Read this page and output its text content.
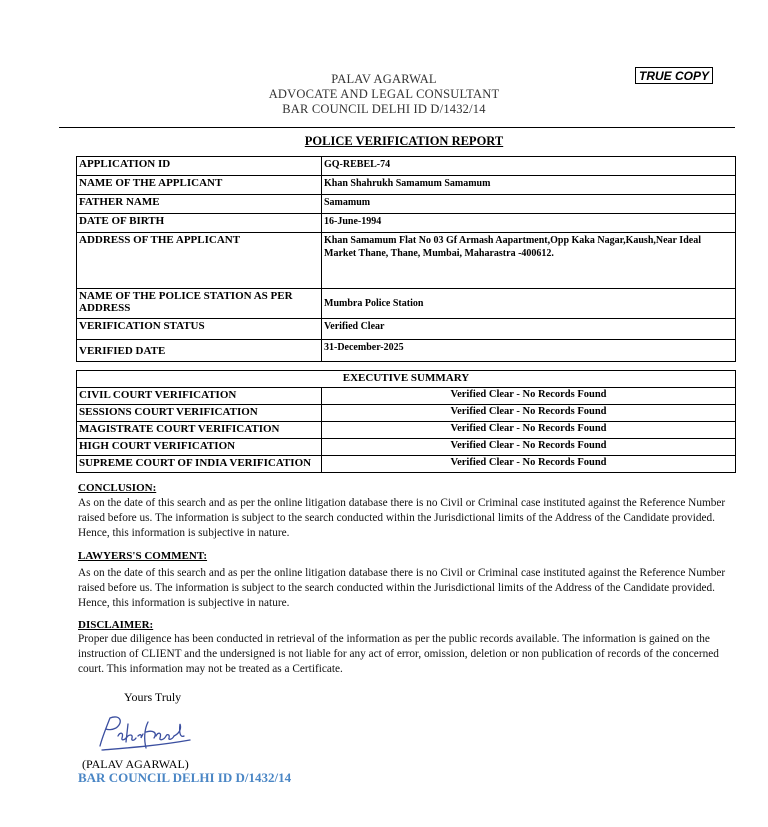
PALAV AGARWAL
ADVOCATE AND LEGAL CONSULTANT
BAR COUNCIL DELHI ID D/1432/14
TRUE COPY
POLICE VERIFICATION REPORT
APPLICATION ID	GQ-REBEL-74
NAME OF THE APPLICANT	Khan Shahrukh Samamum Samamum
FATHER NAME	Samamum
DATE OF BIRTH	16-June-1994
ADDRESS OF THE APPLICANT	Khan Samamum Flat No 03 Gf Armash Aapartment,Opp Kaka Nagar,Kaush,Near Ideal Market Thane, Thane, Mumbai, Maharastra -400612.
NAME OF THE POLICE STATION AS PER ADDRESS	Mumbra Police Station
VERIFICATION STATUS	Verified Clear
VERIFIED DATE	31-December-2025
EXECUTIVE SUMMARY	
CIVIL COURT VERIFICATION	Verified Clear - No Records Found
SESSIONS COURT VERIFICATION	Verified Clear - No Records Found
MAGISTRATE COURT VERIFICATION	Verified Clear - No Records Found
HIGH COURT VERIFICATION	Verified Clear - No Records Found
SUPREME COURT OF INDIA VERIFICATION	Verified Clear - No Records Found
CONCLUSION:
As on the date of this search and as per the online litigation database there is no Civil or Criminal case instituted against the Reference Number raised before us. The information is subject to the search conducted within the Jurisdictional limits of the Address of the Candidate provided. Hence, this information is subjective in nature.
LAWYERS'S COMMENT:
As on the date of this search and as per the online litigation database there is no Civil or Criminal case instituted against the Reference Number raised before us. The information is subject to the search conducted within the Jurisdictional limits of the Address of the Candidate provided. Hence, this information is subjective in nature.
DISCLAIMER:
Proper due diligence has been conducted in retrieval of the information as per the public records available. The information is gained on the instruction of CLIENT and the undersigned is not liable for any act of error, omission, deletion or non publication of records of the concerned court. This information may not be treated as a Certificate.
Yours Truly
(PALAV AGARWAL)
BAR COUNCIL DELHI ID D/1432/14
